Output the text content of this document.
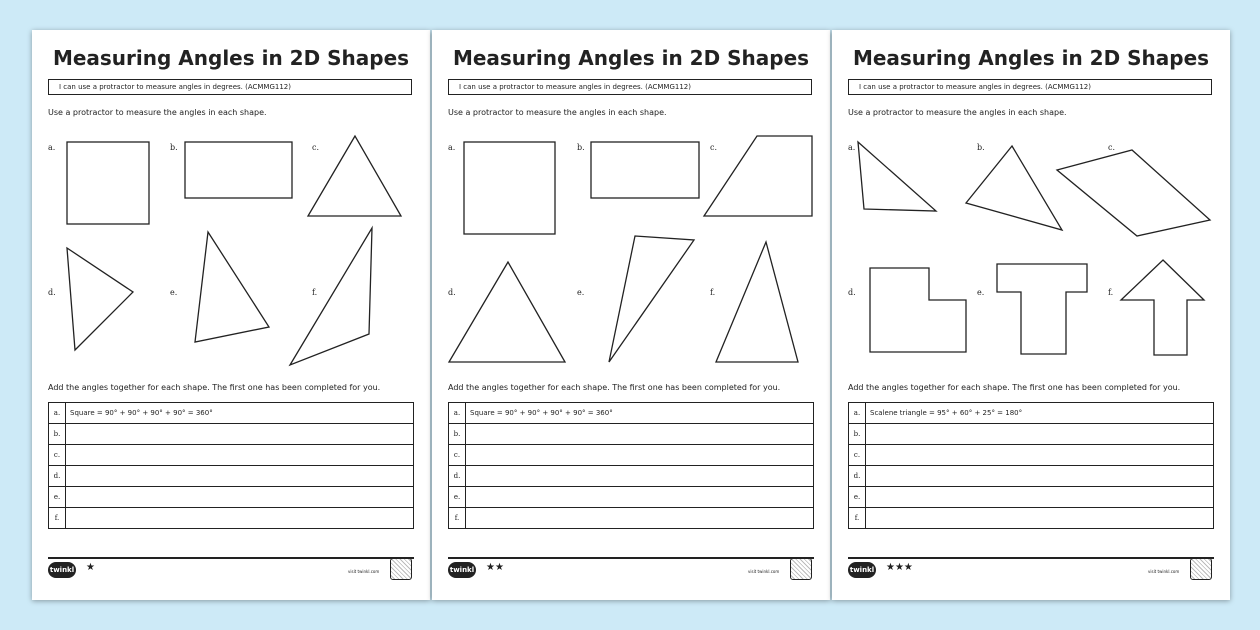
Measuring Angles in 2D Shapes
I can use a protractor to measure angles in degrees. (ACMMG112)
Use a protractor to measure the angles in each shape.
a.	b.	c.
d.	e.	f.
Add the angles together for each shape. The first one has been completed for you.
a.	Square = 90° + 90° + 90° + 90° = 360°
b.	
c.	
d.	
e.	
f.	
twinkl ★	visit twinkl.com
Measuring Angles in 2D Shapes
I can use a protractor to measure angles in degrees. (ACMMG112)
Use a protractor to measure the angles in each shape.
a.	b.	c.
d.	e.	f.
Add the angles together for each shape. The first one has been completed for you.
a.	Square = 90° + 90° + 90° + 90° = 360°
b.	
c.	
d.	
e.	
f.	
twinkl ★★	visit twinkl.com
Measuring Angles in 2D Shapes
I can use a protractor to measure angles in degrees. (ACMMG112)
Use a protractor to measure the angles in each shape.
a.	b.	c.
d.	e.	f.
Add the angles together for each shape. The first one has been completed for you.
a.	Scalene triangle = 95° + 60° + 25° = 180°
b.	
c.	
d.	
e.	
f.	
twinkl ★★★	visit twinkl.com
